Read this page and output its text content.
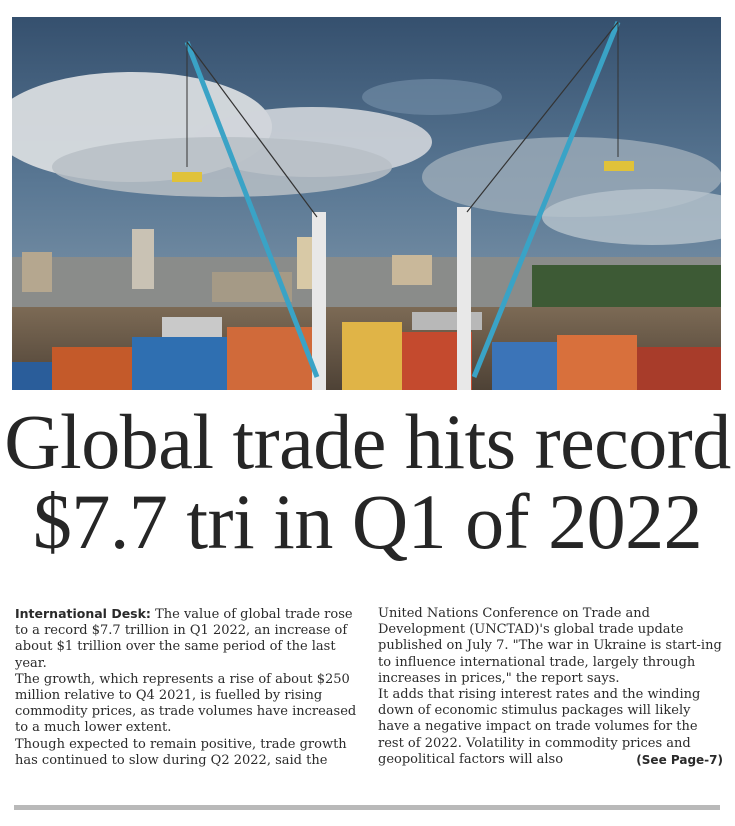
Global trade hits record
$7.7 tri in Q1 of 2022

International Desk: The value of global trade rose to a record $7.7 trillion in Q1 2022, an increase of about $1 trillion over the same period of the last year.

The growth, which represents a rise of about $250 million relative to Q4 2021, is fuelled by rising commodity prices, as trade volumes have increased to a much lower extent.

Though expected to remain positive, trade growth has continued to slow during Q2 2022, said the

United Nations Conference on Trade and Development (UNCTAD)'s global trade update published on July 7. "The war in Ukraine is start-ing to influence international trade, largely through increases in prices," the report says.

It adds that rising interest rates and the winding down of economic stimulus packages will likely have a negative impact on trade volumes for the rest of 2022. Volatility in commodity prices and geopolitical factors will also	(See Page-7)
